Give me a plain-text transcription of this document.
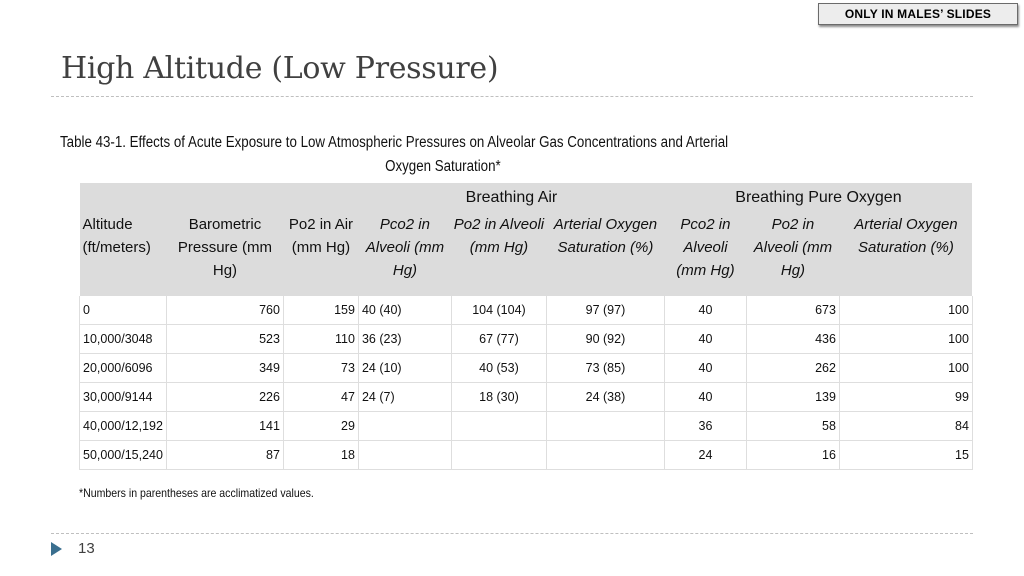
ONLY IN MALES’ SLIDES
High Altitude (Low Pressure)
Table 43-1. Effects of Acute Exposure to Low Atmospheric Pressures on Alveolar Gas Concentrations and Arterial
Oxygen Saturation*
			Breathing Air			Breathing Pure Oxygen		
Altitude (ft/meters)	Barometric Pressure (mm Hg)	Po2 in Air (mm Hg)	Pco2 in Alveoli (mm Hg)	Po2 in Alveoli (mm Hg)	Arterial Oxygen Saturation (%)	Pco2 in Alveoli (mm Hg)	Po2 in Alveoli (mm Hg)	Arterial Oxygen Saturation (%)
0	760	159	40 (40)	104 (104)	97 (97)	40	673	100
10,000/3048	523	110	36 (23)	67 (77)	90 (92)	40	436	100
20,000/6096	349	73	24 (10)	40 (53)	73 (85)	40	262	100
30,000/9144	226	47	24 (7)	18 (30)	24 (38)	40	139	99
40,000/12,192	141	29				36	58	84
50,000/15,240	87	18				24	16	15
*Numbers in parentheses are acclimatized values.
13
